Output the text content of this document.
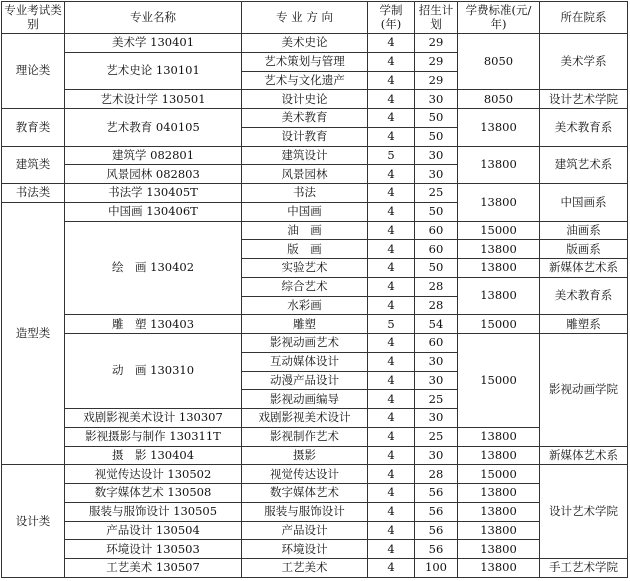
专业考试类别	专业名称	专 业 方 向	学制(年)	招生计划	学费标准(元/年)	所在院系
理论类	美术学 130401	美术史论	4	29	8050	美术学系
	艺术史论 130101	艺术策划与管理	4	29		
		艺术与文化遗产	4	29		
	艺术设计学 130501	设计史论	4	30	8050	设计艺术学院
教育类	艺术教育 040105	美术教育	4	50	13800	美术教育系
		设计教育	4	50		
建筑类	建筑学 082801	建筑设计	5	30	13800	建筑艺术系
	风景园林 082803	风景园林	4	30		
书法类	书法学 130405T	书法	4	25	13800	中国画系
造型类	中国画 130406T	中国画	4	50		
	绘　画 130402	油　画	4	60	15000	油画系
		版　画	4	60	13800	版画系
		实验艺术	4	50	13800	新媒体艺术系
		综合艺术	4	28	13800	美术教育系
		水彩画	4	28		
	雕　塑 130403	雕塑	5	54	15000	雕塑系
	动　画 130310	影视动画艺术	4	60	15000	影视动画学院
		互动媒体设计	4	30		
		动漫产品设计	4	30		
		影视动画编导	4	25		
	戏剧影视美术设计 130307	戏剧影视美术设计	4	30		
	影视摄影与制作 130311T	影视制作艺术	4	25	13800	
	摄　影 130404	摄影	4	30	13800	新媒体艺术系
设计类	视觉传达设计 130502	视觉传达设计	4	28	15000	设计艺术学院
	数字媒体艺术 130508	数字媒体艺术	4	56	13800	
	服装与服饰设计 130505	服装与服饰设计	4	56	13800	
	产品设计 130504	产品设计	4	56	13800	
	环境设计 130503	环境设计	4	56	13800	
	工艺美术 130507	工艺美术	4	100	13800	手工艺术学院
